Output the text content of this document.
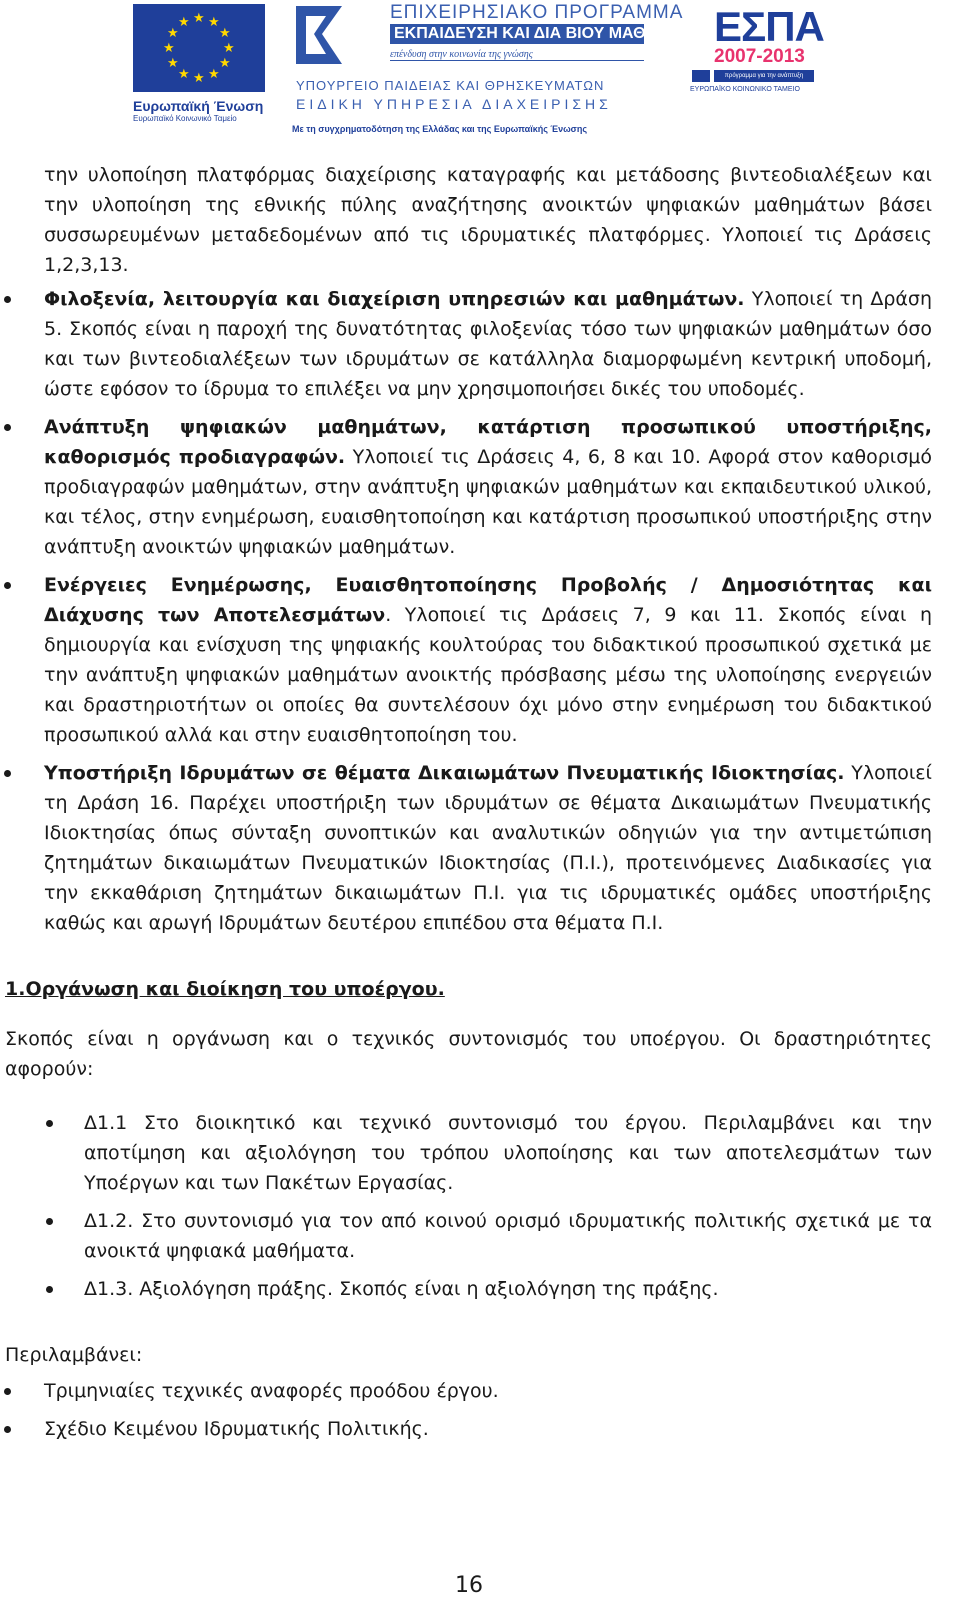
★ ★
★
★
★
★
★
★
★
★
★
★
Ευρωπαϊκή Ένωση
Ευρωπαϊκό Κοινωνικό Ταμείο
ΕΠΙΧΕΙΡΗΣΙΑΚΟ ΠΡΟΓΡΑΜΜΑ
ΕΚΠΑΙΔΕΥΣΗ ΚΑΙ ΔΙΑ ΒΙΟΥ ΜΑΘΗΣΗ
επένδυση στην κοινωνία της γνώσης
ΥΠΟΥΡΓΕΙΟ ΠΑΙΔΕΙΑΣ ΚΑΙ ΘΡΗΣΚΕΥΜΑΤΩΝ
ΕΙΔΙΚΗ ΥΠΗΡΕΣΙΑ ΔΙΑΧΕΙΡΙΣΗΣ
Με τη συγχρηματοδότηση της Ελλάδας και της Ευρωπαϊκής Ένωσης
ΕΣΠΑ
2007-2013
πρόγραμμα για την ανάπτυξη
ΕΥΡΩΠΑΪΚΟ ΚΟΙΝΩΝΙΚΟ ΤΑΜΕΙΟ

την υλοποίηση πλατφόρμας διαχείρισης καταγραφής και μετάδοσης βιντεοδιαλέξεων και την υλοποίηση της εθνικής πύλης αναζήτησης ανοικτών ψηφιακών μαθημάτων βάσει συσσωρευμένων μεταδεδομένων από τις ιδρυματικές πλατφόρμες. Υλοποιεί τις Δράσεις 1,2,3,13.

Φιλοξενία, λειτουργία και διαχείριση υπηρεσιών και μαθημάτων. Υλοποιεί τη Δράση 5. Σκοπός είναι η παροχή της δυνατότητας φιλοξενίας τόσο των ψηφιακών μαθημάτων όσο και των βιντεοδιαλέξεων των ιδρυμάτων σε κατάλληλα διαμορφωμένη κεντρική υποδομή, ώστε εφόσον το ίδρυμα το επιλέξει να μην χρησιμοποιήσει δικές του υποδομές.
Ανάπτυξη ψηφιακών μαθημάτων, κατάρτιση προσωπικού υποστήριξης, καθορισμός προδιαγραφών. Υλοποιεί τις Δράσεις 4, 6, 8 και 10. Αφορά στον καθορισμό προδιαγραφών μαθημάτων, στην ανάπτυξη ψηφιακών μαθημάτων και εκπαιδευτικού υλικού, και τέλος, στην ενημέρωση, ευαισθητοποίηση και κατάρτιση προσωπικού υποστήριξης στην ανάπτυξη ανοικτών ψηφιακών μαθημάτων.
Ενέργειες Ενημέρωσης, Ευαισθητοποίησης Προβολής / Δημοσιότητας και Διάχυσης των Αποτελεσμάτων. Υλοποιεί τις Δράσεις 7, 9 και 11. Σκοπός είναι η δημιουργία και ενίσχυση της ψηφιακής κουλτούρας του διδακτικού προσωπικού σχετικά με την ανάπτυξη ψηφιακών μαθημάτων ανοικτής πρόσβασης μέσω της υλοποίησης ενεργειών και δραστηριοτήτων οι οποίες θα συντελέσουν όχι μόνο στην ενημέρωση του διδακτικού προσωπικού αλλά και στην ευαισθητοποίηση του.
Υποστήριξη Ιδρυμάτων σε θέματα Δικαιωμάτων Πνευματικής Ιδιοκτησίας. Υλοποιεί τη Δράση 16. Παρέχει υποστήριξη των ιδρυμάτων σε θέματα Δικαιωμάτων Πνευματικής Ιδιοκτησίας όπως σύνταξη συνοπτικών και αναλυτικών οδηγιών για την αντιμετώπιση ζητημάτων δικαιωμάτων Πνευματικών Ιδιοκτησίας (Π.Ι.), προτεινόμενες Διαδικασίες για την εκκαθάριση ζητημάτων δικαιωμάτων Π.Ι. για τις ιδρυματικές ομάδες υποστήριξης καθώς και αρωγή Ιδρυμάτων δευτέρου επιπέδου στα θέματα Π.Ι.

1.Οργάνωση και διοίκηση του υποέργου.

Σκοπός είναι η οργάνωση και ο τεχνικός συντονισμός του υποέργου. Οι δραστηριότητες αφορούν:

Δ1.1 Στο διοικητικό και τεχνικό συντονισμό του έργου. Περιλαμβάνει και την αποτίμηση και αξιολόγηση του τρόπου υλοποίησης και των αποτελεσμάτων των Υποέργων και των Πακέτων Εργασίας.
Δ1.2. Στο συντονισμό για τον από κοινού ορισμό ιδρυματικής πολιτικής σχετικά με τα ανοικτά ψηφιακά μαθήματα.
Δ1.3. Αξιολόγηση πράξης. Σκοπός είναι η αξιολόγηση της πράξης.

Περιλαμβάνει:

Τριμηνιαίες τεχνικές αναφορές προόδου έργου.
Σχέδιο Κειμένου Ιδρυματικής Πολιτικής.
16
